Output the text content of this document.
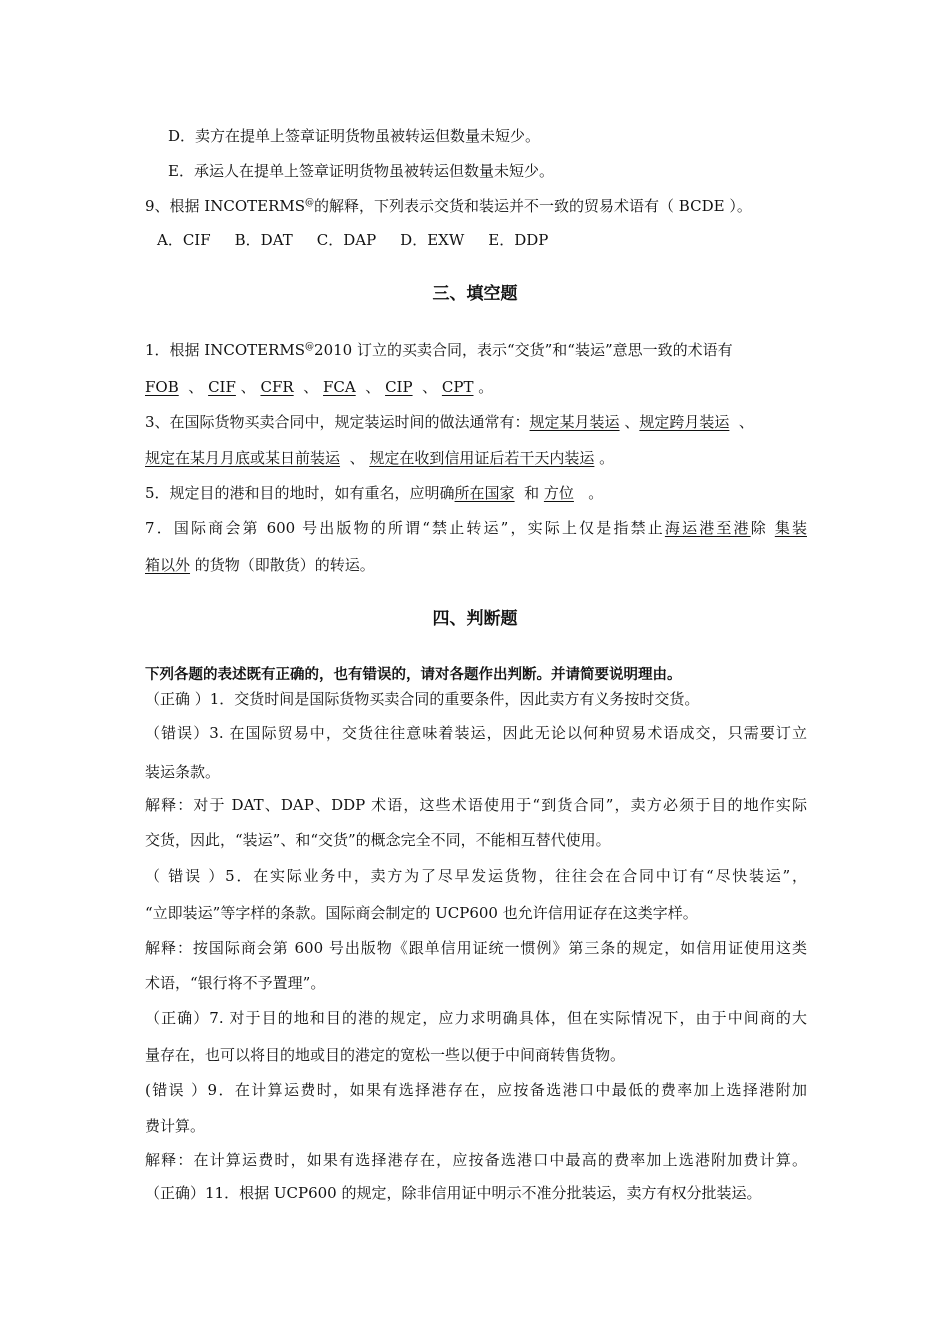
D．卖方在提单上签章证明货物虽被转运但数量未短少。
E．承运人在提单上签章证明货物虽被转运但数量未短少。
9、根据 INCOTERMS@的解释，下列表示交货和装运并不一致的贸易术语有（ BCDE ）。
A．CIF B．DAT C．DAP D．EXW E．DDP
三、填空题
1．根据 INCOTERMS@2010 订立的买卖合同，表示“交货”和“装运”意思一致的术语有
FOB 、 CIF 、 CFR 、 FCA 、 CIP 、 CPT 。
3、在国际货物买卖合同中，规定装运时间的做法通常有：规定某月装运 、规定跨月装运 、
规定在某月月底或某日前装运 、 规定在收到信用证后若干天内装运 。
5．规定目的港和目的地时，如有重名，应明确所在国家 和 方位 。
7．国际商会第 600 号出版物的所谓“禁止转运”，实际上仅是指禁止海运港至港除 集装
箱以外 的货物（即散货）的转运。
四、判断题
下列各题的表述既有正确的，也有错误的，请对各题作出判断。并请简要说明理由。
（正确 ）1．交货时间是国际货物买卖合同的重要条件，因此卖方有义务按时交货。
（错误）3. 在国际贸易中，交货往往意味着装运，因此无论以何种贸易术语成交，只需要订立
装运条款。
解释：对于 DAT、DAP、DDP 术语，这些术语使用于“到货合同”，卖方必须于目的地作实际
交货，因此，“装运”、和“交货”的概念完全不同，不能相互替代使用。
（ 错误 ）5．在实际业务中，卖方为了尽早发运货物，往往会在合同中订有“尽快装运”，
“立即装运”等字样的条款。国际商会制定的 UCP600 也允许信用证存在这类字样。
解释：按国际商会第 600 号出版物《跟单信用证统一惯例》第三条的规定，如信用证使用这类
术语，“银行将不予置理”。
（正确）7. 对于目的地和目的港的规定，应力求明确具体，但在实际情况下，由于中间商的大
量存在，也可以将目的地或目的港定的宽松一些以便于中间商转售货物。
(错误 ）9．在计算运费时，如果有选择港存在，应按备选港口中最低的费率加上选择港附加
费计算。
解释：在计算运费时，如果有选择港存在，应按备选港口中最高的费率加上选港附加费计算。
（正确）11．根据 UCP600 的规定，除非信用证中明示不准分批装运，卖方有权分批装运。
